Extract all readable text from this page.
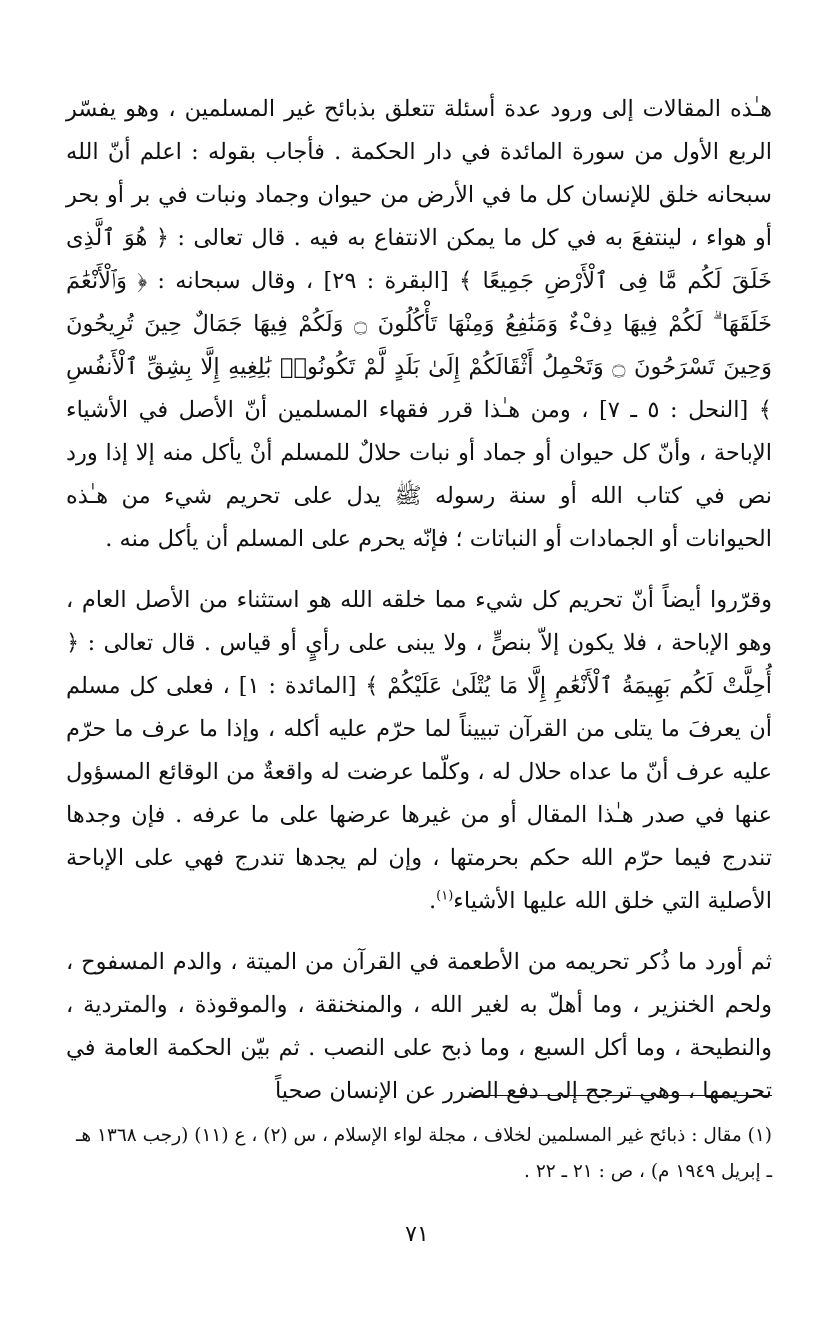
هـٰذه المقالات إلى ورود عدة أسئلة تتعلق بذبائح غير المسلمين ، وهو يفسّر الربع الأول من سورة المائدة في دار الحكمة . فأجاب بقوله : اعلم أنّ الله سبحانه خلق للإنسان كل ما في الأرض من حيوان وجماد ونبات في بر أو بحر أو هواء ، لينتفعَ به في كل ما يمكن الانتفاع به فيه . قال تعالى : ﴿ هُوَ ٱلَّذِى خَلَقَ لَكُم مَّا فِى ٱلْأَرْضِ جَمِيعًا ﴾ [البقرة : ٢٩] ، وقال سبحانه : ﴿ وَٱلْأَنْعَٰمَ خَلَقَهَا ۗ لَكُمْ فِيهَا دِفْءٌ وَمَنَٰفِعُ وَمِنْهَا تَأْكُلُونَ ۝ وَلَكُمْ فِيهَا جَمَالٌ حِينَ تُرِيحُونَ وَحِينَ تَسْرَحُونَ ۝ وَتَحْمِلُ أَثْقَالَكُمْ إِلَىٰ بَلَدٍ لَّمْ تَكُونُوا۟ بَٰلِغِيهِ إِلَّا بِشِقِّ ٱلْأَنفُسِ ﴾ [النحل : ٥ ـ ٧] ، ومن هـٰذا قرر فقهاء المسلمين أنّ الأصل في الأشياء الإباحة ، وأنّ كل حيوان أو جماد أو نبات حلالٌ للمسلم أنْ يأكل منه إلا إذا ورد نص في كتاب الله أو سنة رسوله ﷺ يدل على تحريم شيء من هـٰذه الحيوانات أو الجمادات أو النباتات ؛ فإنّه يحرم على المسلم أن يأكل منه .

وقرّروا أيضاً أنّ تحريم كل شيء مما خلقه الله هو استثناء من الأصل العام ، وهو الإباحة ، فلا يكون إلاّ بنصٍّ ، ولا يبنى على رأيٍ أو قياس . قال تعالى : ﴿ أُحِلَّتْ لَكُم بَهِيمَةُ ٱلْأَنْعَٰمِ إِلَّا مَا يُتْلَىٰ عَلَيْكُمْ ﴾ [المائدة : ١] ، فعلى كل مسلم أن يعرفَ ما يتلى من القرآن تبييناً لما حرّم عليه أكله ، وإذا ما عرف ما حرّم عليه عرف أنّ ما عداه حلال له ، وكلّما عرضت له واقعةٌ من الوقائع المسؤول عنها في صدر هـٰذا المقال أو من غيرها عرضها على ما عرفه . فإن وجدها تندرج فيما حرّم الله حكم بحرمتها ، وإن لم يجدها تندرج فهي على الإباحة الأصلية التي خلق الله عليها الأشياء$^{(١)}$.

ثم أورد ما ذُكر تحريمه من الأطعمة في القرآن من الميتة ، والدم المسفوح ، ولحم الخنزير ، وما أهلّ به لغير الله ، والمنخنقة ، والموقوذة ، والمتردية ، والنطيحة ، وما أكل السبع ، وما ذبح على النصب . ثم بيّن الحكمة العامة في تحريمها ، وهي ترجح إلى دفع الضرر عن الإنسان صحياً

(١) مقال : ذبائح غير المسلمين لخلاف ، مجلة لواء الإسلام ، س (٢) ، ع (١١) (رجب ١٣٦٨ هـ ـ إبريل ١٩٤٩ م) ، ص : ٢١ ـ ٢٢ .
٧١
